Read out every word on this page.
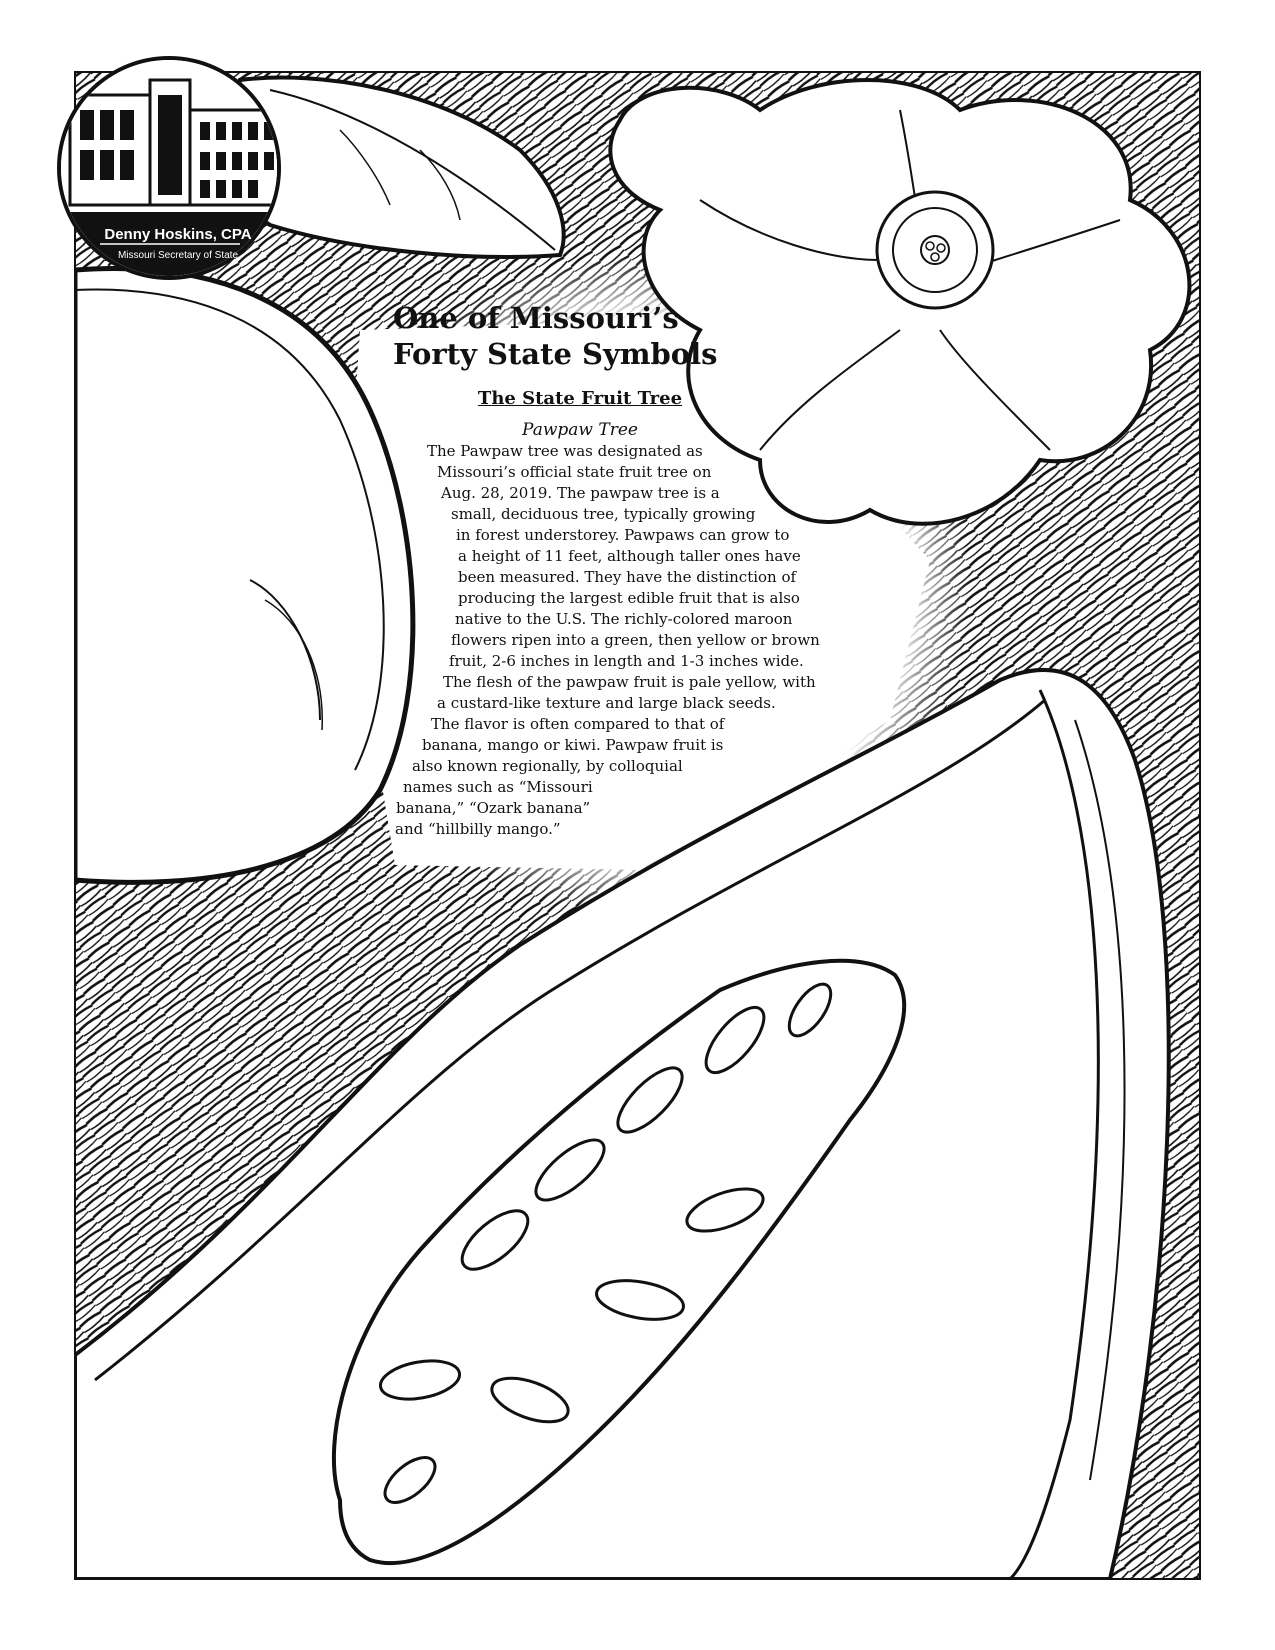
Denny Hoskins, CPA
Missouri Secretary of State
One of Missouri’s
Forty State Symbols
The State Fruit Tree
Pawpaw Tree
The Pawpaw tree was designated as
Missouri’s official state fruit tree on
Aug. 28, 2019. The pawpaw tree is a
small, deciduous tree, typically growing
in forest understorey. Pawpaws can grow to
a height of 11 feet, although taller ones have
been measured. They have the distinction of
producing the largest edible fruit that is also
native to the U.S. The richly-colored maroon
flowers ripen into a green, then yellow or brown
fruit, 2-6 inches in length and 1-3 inches wide.
The flesh of the pawpaw fruit is pale yellow, with
a custard-like texture and large black seeds.
The flavor is often compared to that of
banana, mango or kiwi. Pawpaw fruit is
also known regionally, by colloquial
names such as “Missouri
banana,” “Ozark banana”
and “hillbilly mango.”
